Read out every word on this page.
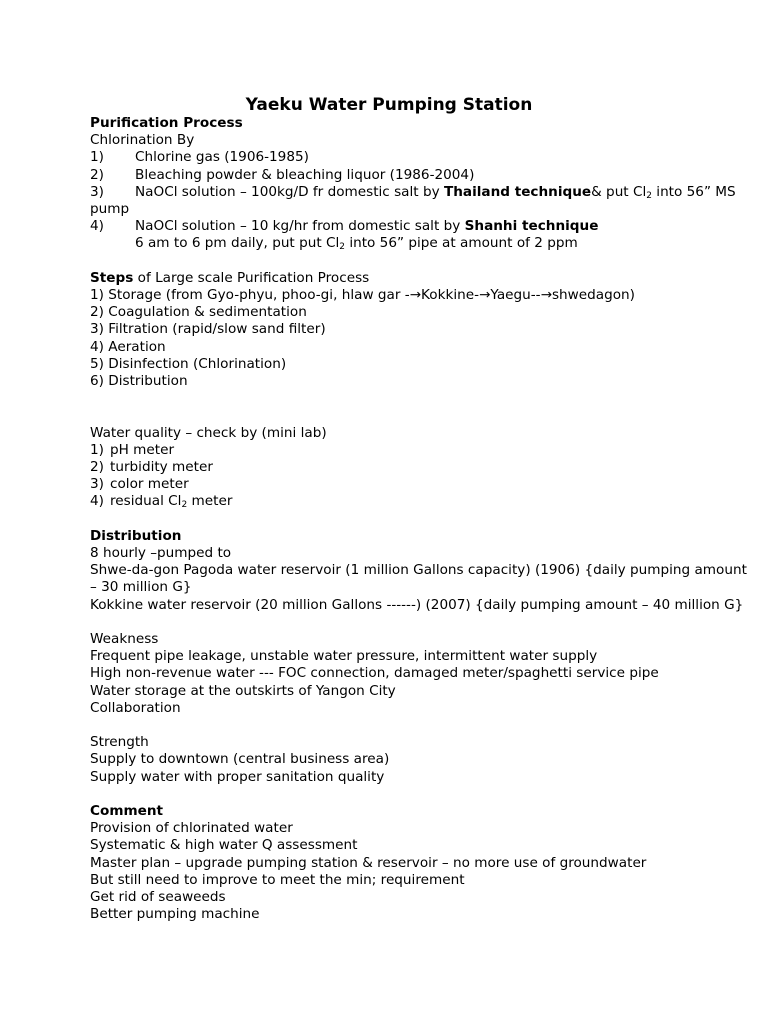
Yaeku Water Pumping Station
Purification Process
Chlorination By
1) Chlorine gas (1906-1985)
2) Bleaching powder & bleaching liquor (1986-2004)
3) NaOCl solution – 100kg/D fr domestic salt by Thailand technique& put $Cl_2$ into 56” MS
pump
4) NaOCl solution – 10 kg/hr from domestic salt by Shanhi technique
6 am to 6 pm daily, put put $Cl_2$ into 56” pipe at amount of 2 ppm
Steps of Large scale Purification Process
1) Storage (from Gyo-phyu, phoo-gi, hlaw gar -→Kokkine-→Yaegu--→shwedagon)
2) Coagulation & sedimentation
3) Filtration (rapid/slow sand filter)
4) Aeration
5) Disinfection (Chlorination)
6) Distribution
Water quality – check by (mini lab)
1) pH meter
2) turbidity meter
3) color meter
4) residual $Cl_2$ meter
Distribution
8 hourly –pumped to
Shwe-da-gon Pagoda water reservoir (1 million Gallons capacity) (1906) {daily pumping amount
– 30 million G}
Kokkine water reservoir (20 million Gallons ------) (2007) {daily pumping amount – 40 million G}
Weakness
Frequent pipe leakage, unstable water pressure, intermittent water supply
High non-revenue water --- FOC connection, damaged meter/spaghetti service pipe
Water storage at the outskirts of Yangon City
Collaboration
Strength
Supply to downtown (central business area)
Supply water with proper sanitation quality
Comment
Provision of chlorinated water
Systematic & high water Q assessment
Master plan – upgrade pumping station & reservoir – no more use of groundwater
But still need to improve to meet the min; requirement
Get rid of seaweeds
Better pumping machine
